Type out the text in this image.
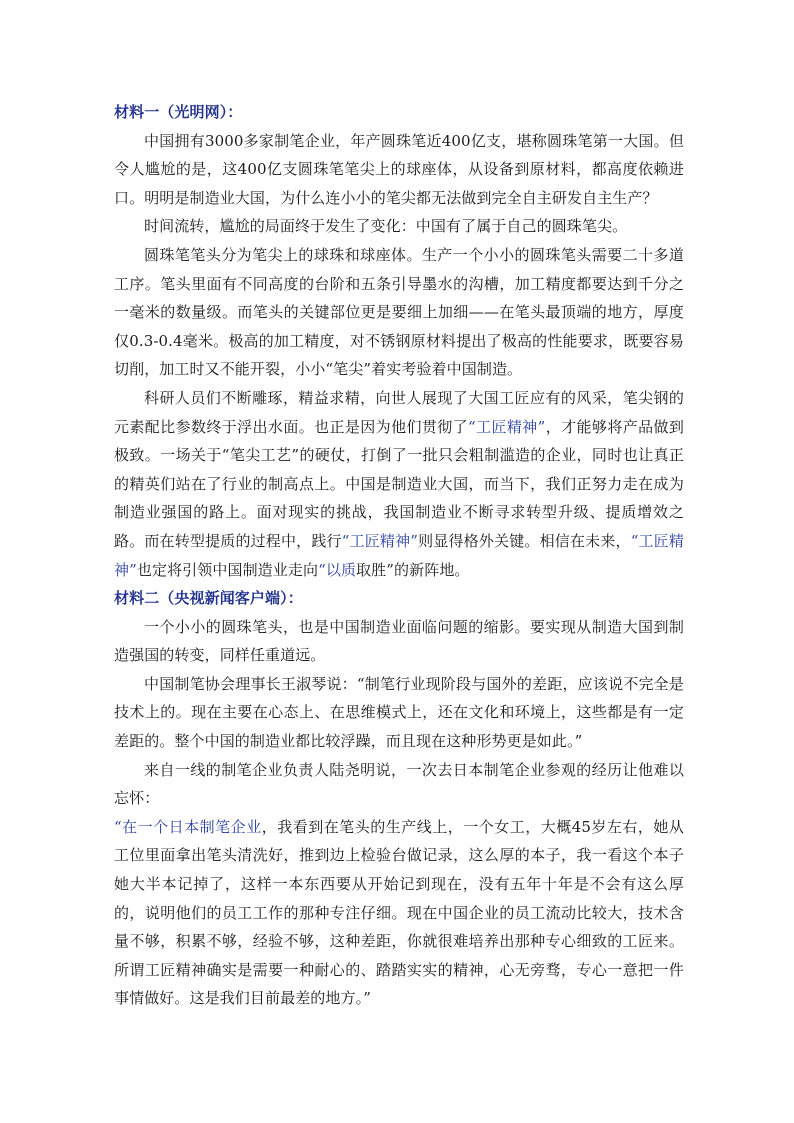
材料一（光明网）：

中国拥有3000多家制笔企业，年产圆珠笔近400亿支，堪称圆珠笔第一大国。但令人尴尬的是，这400亿支圆珠笔笔尖上的球座体，从设备到原材料，都高度依赖进口。明明是制造业大国，为什么连小小的笔尖都无法做到完全自主研发自主生产？

时间流转，尴尬的局面终于发生了变化：中国有了属于自己的圆珠笔尖。

圆珠笔笔头分为笔尖上的球珠和球座体。生产一个小小的圆珠笔头需要二十多道工序。笔头里面有不同高度的台阶和五条引导墨水的沟槽，加工精度都要达到千分之一毫米的数量级。而笔头的关键部位更是要细上加细——在笔头最顶端的地方，厚度仅0.3-0.4毫米。极高的加工精度，对不锈钢原材料提出了极高的性能要求，既要容易切削，加工时又不能开裂，小小“笔尖”着实考验着中国制造。

科研人员们不断雕琢，精益求精，向世人展现了大国工匠应有的风采，笔尖钢的元素配比参数终于浮出水面。也正是因为他们贯彻了“工匠精神”，才能够将产品做到极致。一场关于“笔尖工艺”的硬仗，打倒了一批只会粗制滥造的企业，同时也让真正的精英们站在了行业的制高点上。中国是制造业大国，而当下，我们正努力走在成为制造业强国的路上。面对现实的挑战，我国制造业不断寻求转型升级、提质增效之路。而在转型提质的过程中，践行“工匠精神”则显得格外关键。相信在未来，“工匠精神”也定将引领中国制造业走向“以质取胜”的新阵地。

材料二（央视新闻客户端）：

一个小小的圆珠笔头，也是中国制造业面临问题的缩影。要实现从制造大国到制造强国的转变，同样任重道远。

中国制笔协会理事长王淑琴说：“制笔行业现阶段与国外的差距，应该说不完全是技术上的。现在主要在心态上、在思维模式上，还在文化和环境上，这些都是有一定差距的。整个中国的制造业都比较浮躁，而且现在这种形势更是如此。”

来自一线的制笔企业负责人陆尧明说，一次去日本制笔企业参观的经历让他难以忘怀：

“在一个日本制笔企业，我看到在笔头的生产线上，一个女工，大概45岁左右，她从工位里面拿出笔头清洗好，推到边上检验台做记录，这么厚的本子，我一看这个本子她大半本记掉了，这样一本东西要从开始记到现在，没有五年十年是不会有这么厚的，说明他们的员工工作的那种专注仔细。现在中国企业的员工流动比较大，技术含量不够，积累不够，经验不够，这种差距，你就很难培养出那种专心细致的工匠来。所谓工匠精神确实是需要一种耐心的、踏踏实实的精神，心无旁骛，专心一意把一件事情做好。这是我们目前最差的地方。”
